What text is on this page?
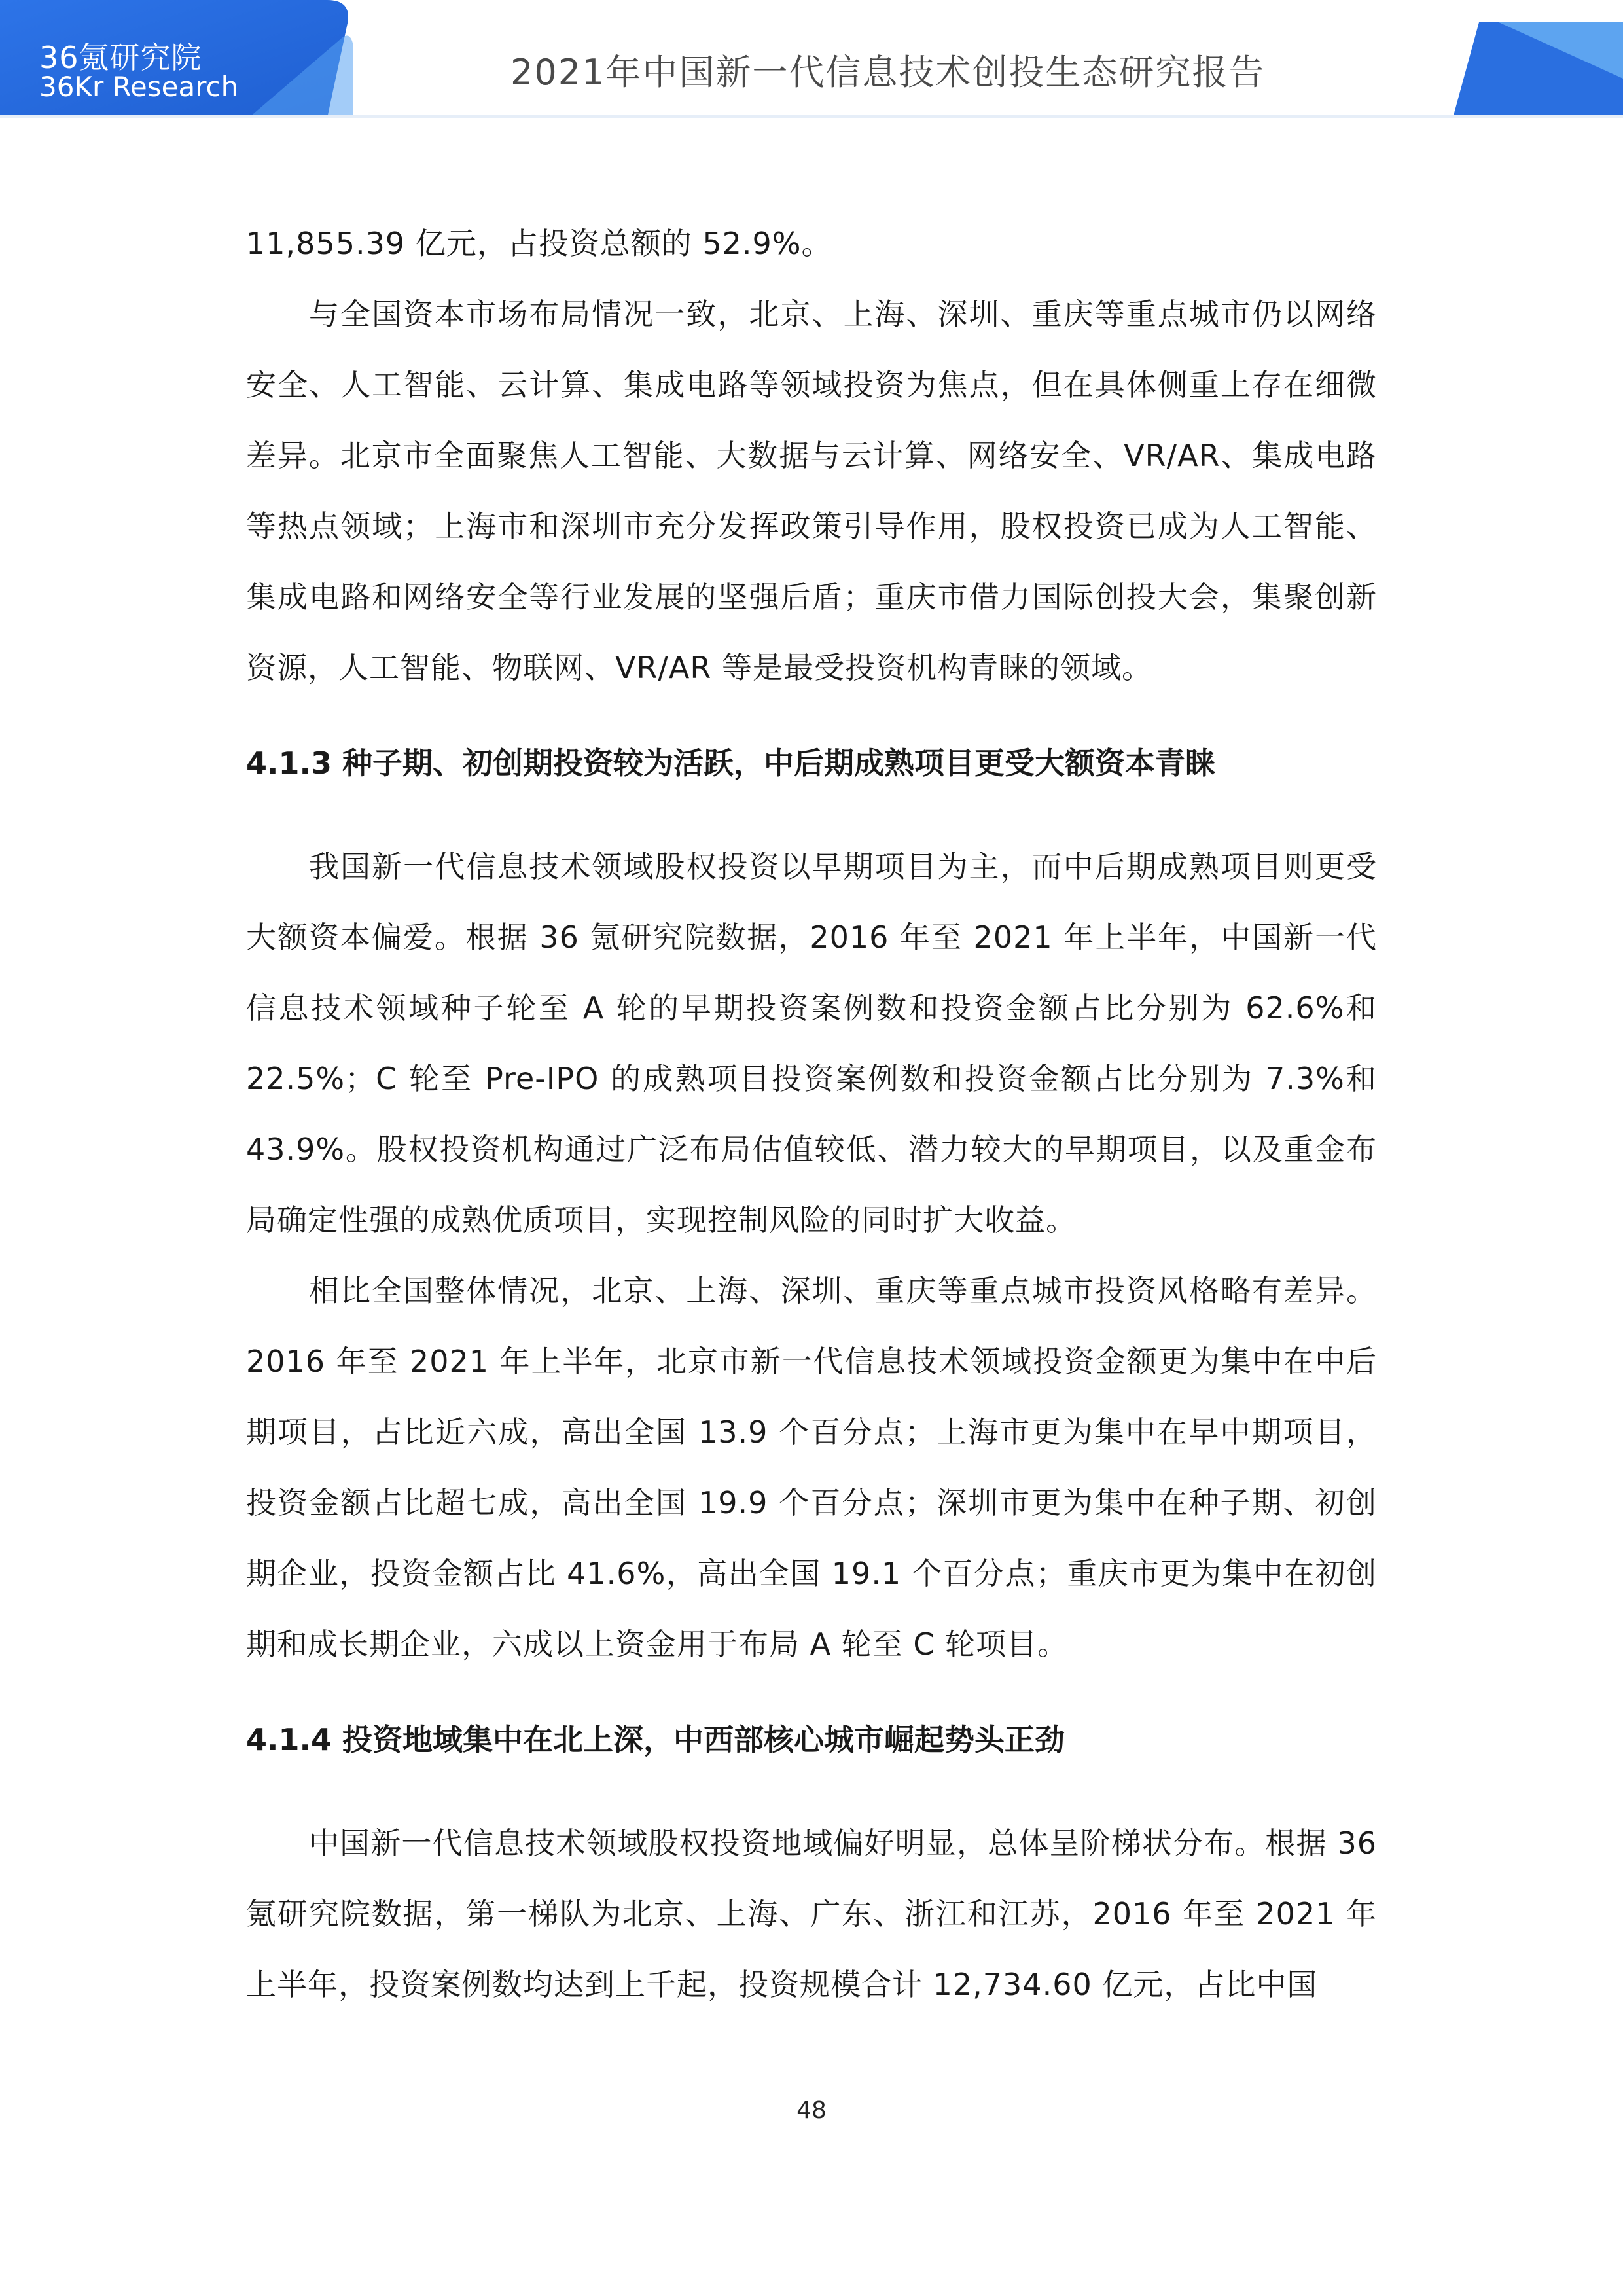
36氪研究院
36Kr Research	2021年中国新一代信息技术创投生态研究报告

11,855.39 亿元，占投资总额的 52.9%。

与全国资本市场布局情况一致，北京、上海、深圳、重庆等重点城市仍以网络安全、人工智能、云计算、集成电路等领域投资为焦点，但在具体侧重上存在细微差异。北京市全面聚焦人工智能、大数据与云计算、网络安全、VR/AR、集成电路等热点领域；上海市和深圳市充分发挥政策引导作用，股权投资已成为人工智能、集成电路和网络安全等行业发展的坚强后盾；重庆市借力国际创投大会，集聚创新资源，人工智能、物联网、VR/AR 等是最受投资机构青睐的领域。

4.1.3 种子期、初创期投资较为活跃，中后期成熟项目更受大额资本青睐

我国新一代信息技术领域股权投资以早期项目为主，而中后期成熟项目则更受大额资本偏爱。根据 36 氪研究院数据，2016 年至 2021 年上半年，中国新一代信息技术领域种子轮至 A 轮的早期投资案例数和投资金额占比分别为 62.6%和 22.5%；C 轮至 Pre-IPO 的成熟项目投资案例数和投资金额占比分别为 7.3%和 43.9%。股权投资机构通过广泛布局估值较低、潜力较大的早期项目，以及重金布局确定性强的成熟优质项目，实现控制风险的同时扩大收益。

相比全国整体情况，北京、上海、深圳、重庆等重点城市投资风格略有差异。2016 年至 2021 年上半年，北京市新一代信息技术领域投资金额更为集中在中后期项目，占比近六成，高出全国 13.9 个百分点；上海市更为集中在早中期项目，投资金额占比超七成，高出全国 19.9 个百分点；深圳市更为集中在种子期、初创期企业，投资金额占比 41.6%，高出全国 19.1 个百分点；重庆市更为集中在初创期和成长期企业，六成以上资金用于布局 A 轮至 C 轮项目。

4.1.4 投资地域集中在北上深，中西部核心城市崛起势头正劲

中国新一代信息技术领域股权投资地域偏好明显，总体呈阶梯状分布。根据 36 氪研究院数据，第一梯队为北京、上海、广东、浙江和江苏，2016 年至 2021 年上半年，投资案例数均达到上千起，投资规模合计 12,734.60 亿元，占比中国

48
